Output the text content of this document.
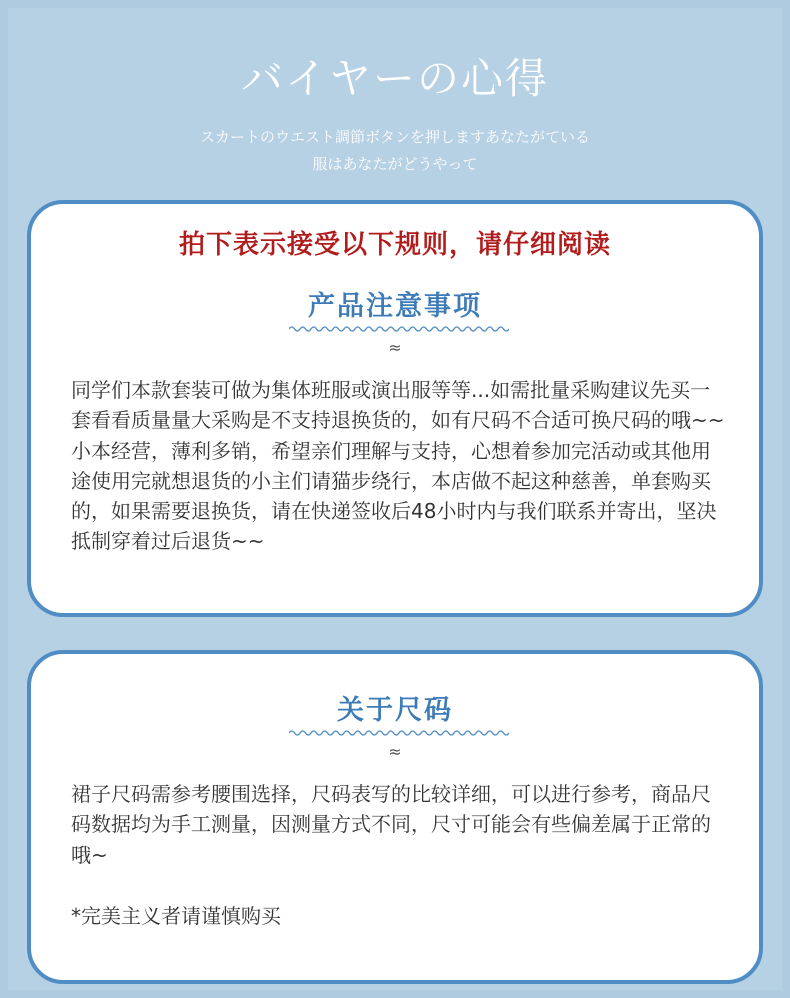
バイヤーの心得
スカートのウエスト調節ボタンを押しますあなたがている
服はあなたがどうやって
拍下表示接受以下规则，请仔细阅读
产品注意事项
≈
同学们本款套装可做为集体班服或演出服等等...如需批量采购建议先买一套看看质量量大采购是不支持退换货的，如有尺码不合适可换尺码的哦~~小本经营，薄利多销，希望亲们理解与支持，心想着参加完活动或其他用途使用完就想退货的小主们请猫步绕行，本店做不起这种慈善，单套购买的，如果需要退换货，请在快递签收后48小时内与我们联系并寄出，坚决抵制穿着过后退货~~
关于尺码
≈
裙子尺码需参考腰围选择，尺码表写的比较详细，可以进行参考，商品尺码数据均为手工测量，因测量方式不同，尺寸可能会有些偏差属于正常的哦~
*完美主义者请谨慎购买
